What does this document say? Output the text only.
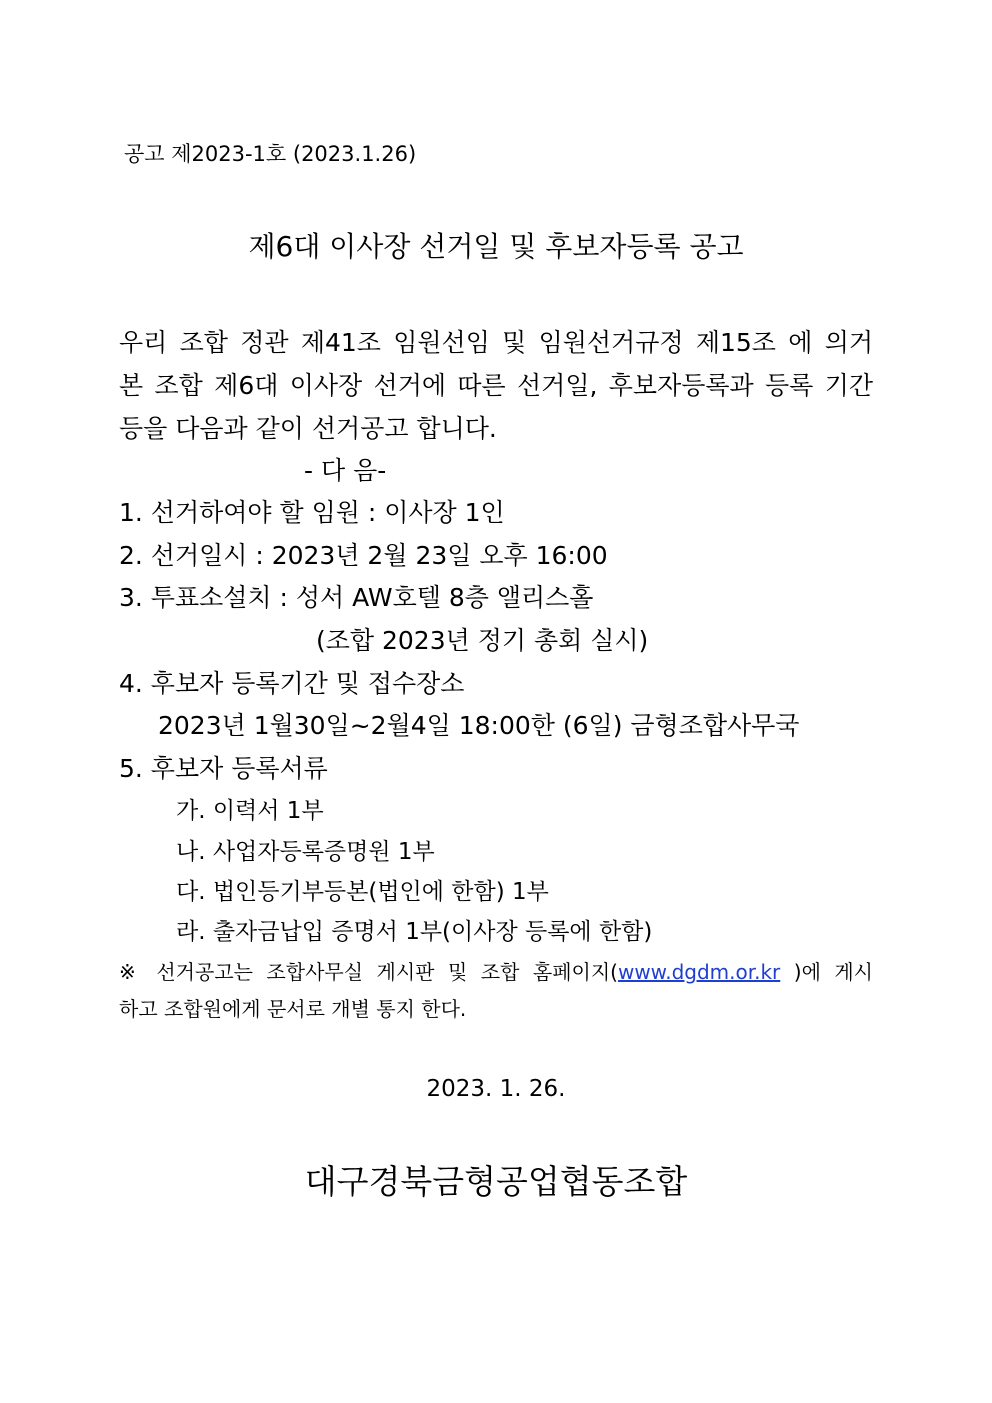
공고 제2023-1호 (2023.1.26)
제6대 이사장 선거일 및 후보자등록 공고
우리 조합 정관 제41조 임원선임 및 임원선거규정 제15조 에 의거
본 조합 제6대 이사장 선거에 따른 선거일, 후보자등록과 등록 기간
등을 다음과 같이 선거공고 합니다.
- 다 음-
1. 선거하여야 할 임원 : 이사장 1인
2. 선거일시 : 2023년 2월 23일 오후 16:00
3. 투표소설치 : 성서 AW호텔 8층 앨리스홀
(조합 2023년 정기 총회 실시)
4. 후보자 등록기간 및 접수장소
2023년 1월30일~2월4일 18:00한 (6일) 금형조합사무국
5. 후보자 등록서류
가. 이력서 1부
나. 사업자등록증명원 1부
다. 법인등기부등본(법인에 한함) 1부
라. 출자금납입 증명서 1부(이사장 등록에 한함)
※ 선거공고는 조합사무실 게시판 및 조합 홈페이지(www.dgdm.or.kr )에 게시
하고 조합원에게 문서로 개별 통지 한다.
2023. 1. 26.
대구경북금형공업협동조합
